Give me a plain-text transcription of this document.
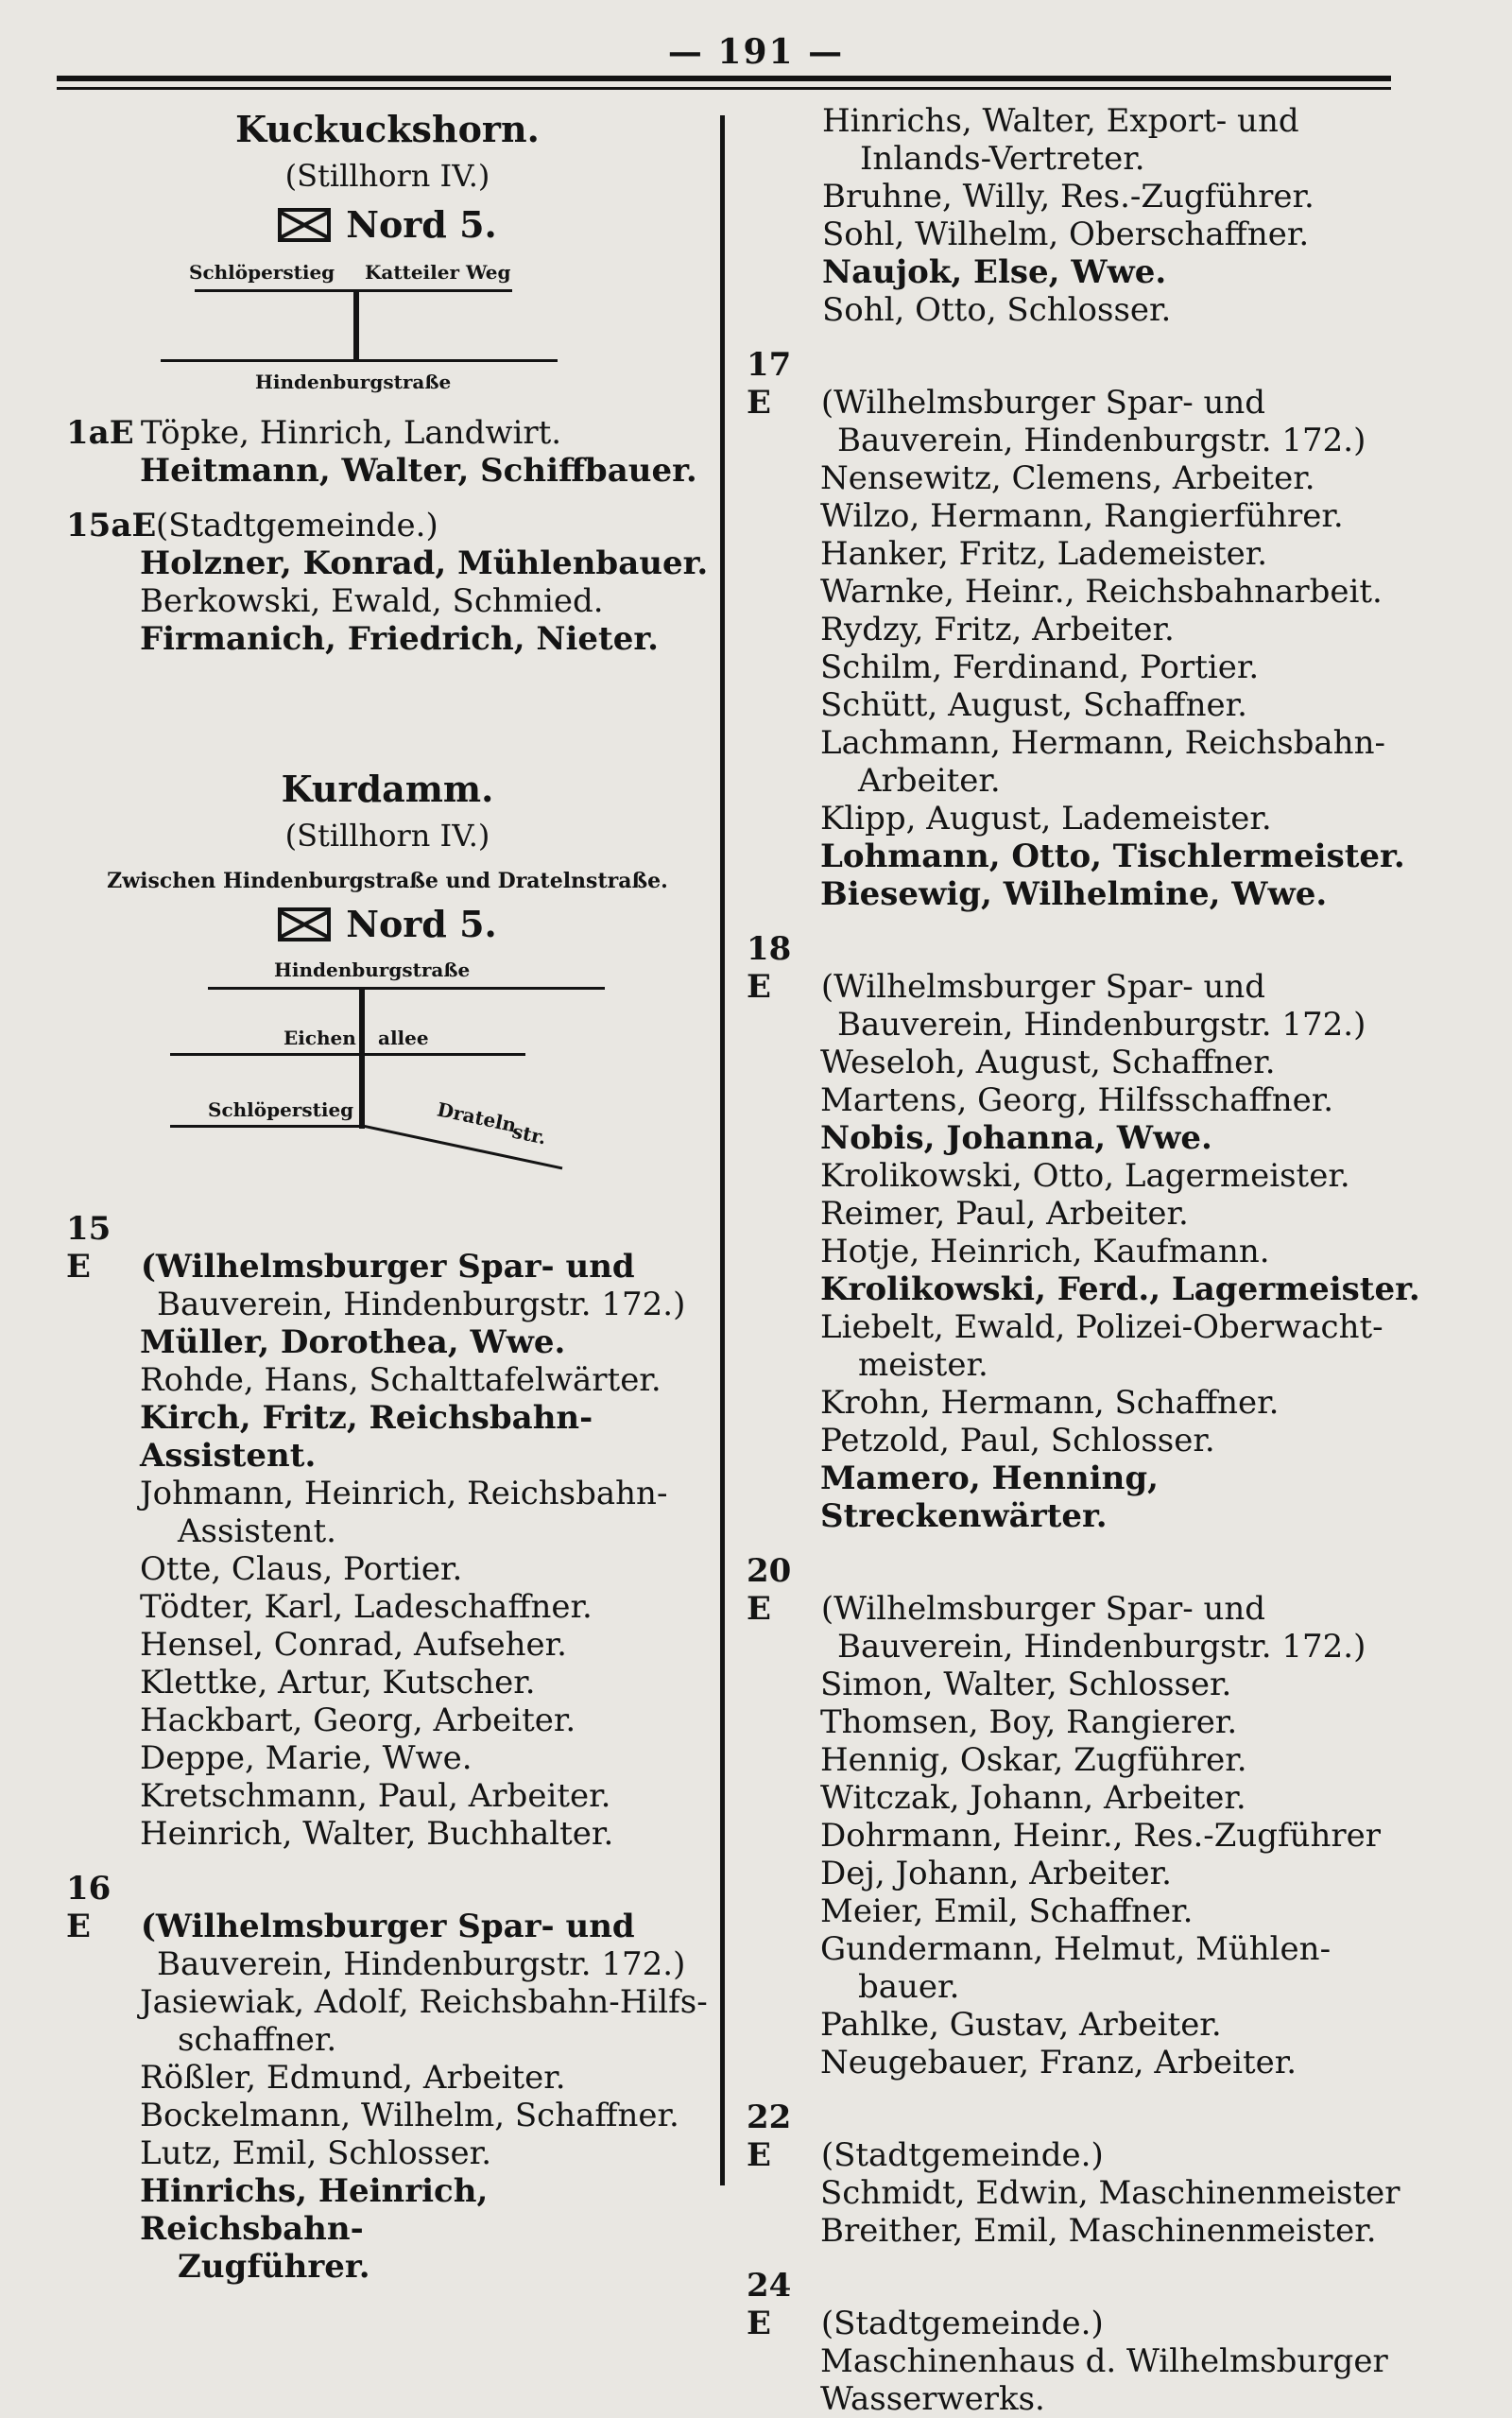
— 191 —
Kuckuckshorn.
(Stillhorn IV.)
Nord 5.
Schlöperstieg Katteiler Weg
Hindenburgstraße
1aE Töpke, Hinrich, Landwirt.
Heitmann, Walter, Schiffbauer.
15aE (Stadtgemeinde.)
Holzner, Konrad, Mühlenbauer.
Berkowski, Ewald, Schmied.
Firmanich, Friedrich, Nieter.
Kurdamm.
(Stillhorn IV.)
Zwischen Hindenburgstraße und Dratelnstraße.
Nord 5.
Hindenburgstraße
Eichen allee
Schlöperstieg	Drateln
str.
15 E (Wilhelmsburger Spar- und
Bauverein, Hindenburgstr. 172.)
Müller, Dorothea, Wwe.
Rohde, Hans, Schalttafelwärter.
Kirch, Fritz, Reichsbahn-Assistent.
Johmann, Heinrich, Reichsbahn-
Assistent.
Otte, Claus, Portier.
Tödter, Karl, Ladeschaffner.
Hensel, Conrad, Aufseher.
Klettke, Artur, Kutscher.
Hackbart, Georg, Arbeiter.
Deppe, Marie, Wwe.
Kretschmann, Paul, Arbeiter.
Heinrich, Walter, Buchhalter.
16 E (Wilhelmsburger Spar- und
Bauverein, Hindenburgstr. 172.)
Jasiewiak, Adolf, Reichsbahn-Hilfs-
schaffner.
Rößler, Edmund, Arbeiter.
Bockelmann, Wilhelm, Schaffner.
Lutz, Emil, Schlosser.
Hinrichs, Heinrich, Reichsbahn-
Zugführer.
Hinrichs, Walter, Export- und
Inlands-Vertreter.
Bruhne, Willy, Res.-Zugführer.
Sohl, Wilhelm, Oberschaffner.
Naujok, Else, Wwe.
Sohl, Otto, Schlosser.
17 E (Wilhelmsburger Spar- und
Bauverein, Hindenburgstr. 172.)
Nensewitz, Clemens, Arbeiter.
Wilzo, Hermann, Rangierführer.
Hanker, Fritz, Lademeister.
Warnke, Heinr., Reichsbahnarbeit.
Rydzy, Fritz, Arbeiter.
Schilm, Ferdinand, Portier.
Schütt, August, Schaffner.
Lachmann, Hermann, Reichsbahn-
Arbeiter.
Klipp, August, Lademeister.
Lohmann, Otto, Tischlermeister.
Biesewig, Wilhelmine, Wwe.
18 E (Wilhelmsburger Spar- und
Bauverein, Hindenburgstr. 172.)
Weseloh, August, Schaffner.
Martens, Georg, Hilfsschaffner.
Nobis, Johanna, Wwe.
Krolikowski, Otto, Lagermeister.
Reimer, Paul, Arbeiter.
Hotje, Heinrich, Kaufmann.
Krolikowski, Ferd., Lagermeister.
Liebelt, Ewald, Polizei-Oberwacht-
meister.
Krohn, Hermann, Schaffner.
Petzold, Paul, Schlosser.
Mamero, Henning, Streckenwärter.
20 E (Wilhelmsburger Spar- und
Bauverein, Hindenburgstr. 172.)
Simon, Walter, Schlosser.
Thomsen, Boy, Rangierer.
Hennig, Oskar, Zugführer.
Witczak, Johann, Arbeiter.
Dohrmann, Heinr., Res.-Zugführer
Dej, Johann, Arbeiter.
Meier, Emil, Schaffner.
Gundermann, Helmut, Mühlen-
bauer.
Pahlke, Gustav, Arbeiter.
Neugebauer, Franz, Arbeiter.
22 E (Stadtgemeinde.)
Schmidt, Edwin, Maschinenmeister
Breither, Emil, Maschinenmeister.
24 E (Stadtgemeinde.)
Maschinenhaus d. Wilhelmsburger
Wasserwerks.
